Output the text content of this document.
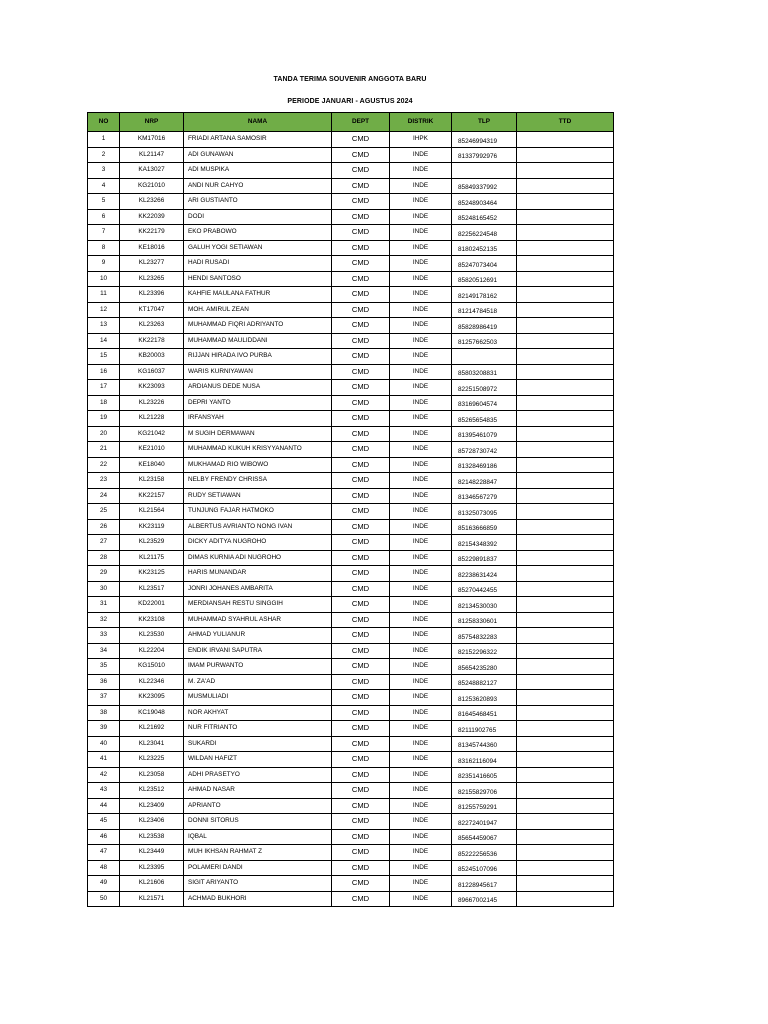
TANDA TERIMA SOUVENIR ANGGOTA BARU
PERIODE JANUARI - AGUSTUS 2024
NO	NRP	NAMA	DEPT	DISTRIK	TLP	TTD
1	KM17016	FRIADI ARTANA SAMOSIR	CMD	IHPK	85246994319	
2	KL21147	ADI GUNAWAN	CMD	INDE	81337992976	
3	KA13027	ADI MUSPIKA	CMD	INDE		
4	KG21010	ANDI NUR CAHYO	CMD	INDE	85849337992	
5	KL23266	ARI GUSTIANTO	CMD	INDE	85248903464	
6	KK22039	DODI	CMD	INDE	85248165452	
7	KK22179	EKO PRABOWO	CMD	INDE	82256224548	
8	KE18016	GALUH YOGI SETIAWAN	CMD	INDE	81802452135	
9	KL23277	HADI RUSADI	CMD	INDE	85247073404	
10	KL23265	HENDI SANTOSO	CMD	INDE	85820512691	
11	KL23396	KAHFIE MAULANA FATHUR	CMD	INDE	82149178162	
12	KT17047	MOH. AMIRUL ZEAN	CMD	INDE	81214784518	
13	KL23263	MUHAMMAD FIQRI ADRIYANTO	CMD	INDE	85828986419	
14	KK22178	MUHAMMAD MAULIDDANI	CMD	INDE	81257662503	
15	KB20003	RIJJAN HIRADA IVO PURBA	CMD	INDE		
16	KG16037	WARIS KURNIYAWAN	CMD	INDE	85803208831	
17	KK23093	ARDIANUS DEDE NUSA	CMD	INDE	82251508972	
18	KL23226	DEPRI YANTO	CMD	INDE	83169604574	
19	KL21228	IRFANSYAH	CMD	INDE	85265654835	
20	KG21042	M SUGIH DERMAWAN	CMD	INDE	81395461079	
21	KE21010	MUHAMMAD KUKUH KRISYYANANTO	CMD	INDE	85728730742	
22	KE18040	MUKHAMAD RIO WIBOWO	CMD	INDE	81328469186	
23	KL23158	NELBY FRENDY CHRISSA	CMD	INDE	82148228847	
24	KK22157	RUDY SETIAWAN	CMD	INDE	81346567279	
25	KL21564	TUNJUNG FAJAR HATMOKO	CMD	INDE	81325073095	
26	KK23119	ALBERTUS AVRIANTO NONG IVAN	CMD	INDE	85163666859	
27	KL23529	DICKY ADITYA NUGROHO	CMD	INDE	82154348392	
28	KL21175	DIMAS KURNIA ADI NUGROHO	CMD	INDE	85229891837	
29	KK23125	HARIS MUNANDAR	CMD	INDE	82238631424	
30	KL23517	JONRI JOHANES AMBARITA	CMD	INDE	85270442455	
31	KD22001	MERDIANSAH RESTU SINGGIH	CMD	INDE	82134530030	
32	KK23108	MUHAMMAD SYAHRUL ASHAR	CMD	INDE	81258330601	
33	KL23530	AHMAD YULIANUR	CMD	INDE	85754832283	
34	KL22204	ENDIK IRVANI SAPUTRA	CMD	INDE	82152296322	
35	KG15010	IMAM PURWANTO	CMD	INDE	85654235280	
36	KL22346	M. ZA'AD	CMD	INDE	85248882127	
37	KK23095	MUSMULIADI	CMD	INDE	81253620893	
38	KC19048	NOR AKHYAT	CMD	INDE	81645468451	
39	KL21692	NUR FITRIANTO	CMD	INDE	82111902765	
40	KL23041	SUKARDI	CMD	INDE	81345744360	
41	KL23225	WILDAN HAFIZT	CMD	INDE	83162116094	
42	KL23058	ADHI PRASETYO	CMD	INDE	82351416605	
43	KL23512	AHMAD NASAR	CMD	INDE	82155829706	
44	KL23409	APRIANTO	CMD	INDE	81255759291	
45	KL23406	DONNI SITORUS	CMD	INDE	82272401947	
46	KL23538	IQBAL	CMD	INDE	85654459067	
47	KL23449	MUH IKHSAN RAHMAT Z	CMD	INDE	85222256536	
48	KL23395	POLAMERI DANDI	CMD	INDE	85245107096	
49	KL21606	SIGIT ARIYANTO	CMD	INDE	81228945617	
50	KL21571	ACHMAD BUKHORI	CMD	INDE	89667002145	
